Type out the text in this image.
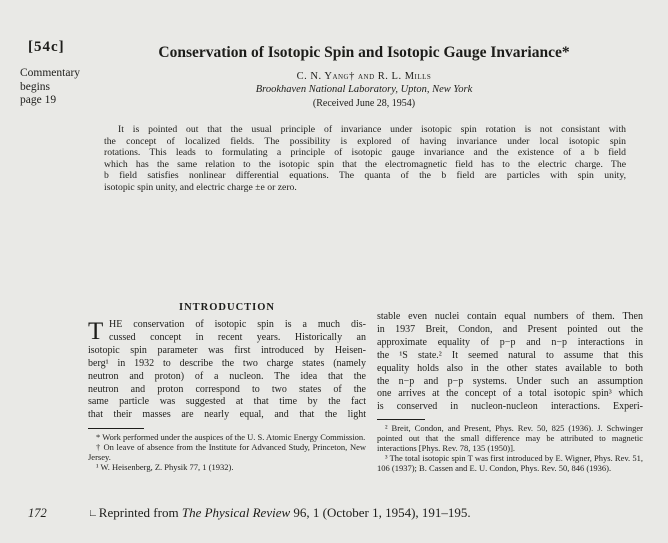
[54c]
Commentary
begins
page 19
Conservation of Isotopic Spin and Isotopic Gauge Invariance*
C. N. Yang† and R. L. Mills
Brookhaven National Laboratory, Upton, New York
(Received June 28, 1954)
It is pointed out that the usual principle of invariance under isotopic spin rotation is not consistant with
the concept of localized fields. The possibility is explored of having invariance under local isotopic spin
rotations. This leads to formulating a principle of isotopic gauge invariance and the existence of a b field
which has the same relation to the isotopic spin that the electromagnetic field has to the electric charge. The
b field satisfies nonlinear differential equations. The quanta of the b field are particles with spin unity,
isotopic spin unity, and electric charge ±e or zero.
INTRODUCTION
T HE conservation of isotopic spin is a much dis-
cussed concept in recent years. Historically an
isotopic spin parameter was first introduced by Heisen-
berg¹ in 1932 to describe the two charge states (namely
neutron and proton) of a nucleon. The idea that the
neutron and proton correspond to two states of the
same particle was suggested at that time by the fact
that their masses are nearly equal, and that the light
stable even nuclei contain equal numbers of them. Then
in 1937 Breit, Condon, and Present pointed out the
approximate equality of p−p and n−p interactions in
the ¹S state.² It seemed natural to assume that this
equality holds also in the other states available to both
the n−p and p−p systems. Under such an assumption
one arrives at the concept of a total isotopic spin³ which
is conserved in nucleon-nucleon interactions. Experi-

* Work performed under the auspices of the U. S. Atomic Energy Commission.

† On leave of absence from the Institute for Advanced Study, Princeton, New Jersey.

¹ W. Heisenberg, Z. Physik 77, 1 (1932).

² Breit, Condon, and Present, Phys. Rev. 50, 825 (1936). J. Schwinger pointed out that the small difference may be attributed to magnetic interactions [Phys. Rev. 78, 135 (1950)].

³ The total isotopic spin T was first introduced by E. Wigner, Phys. Rev. 51, 106 (1937); B. Cassen and E. U. Condon, Phys. Rev. 50, 846 (1936).

172	∟Reprinted from The Physical Review 96, 1 (October 1, 1954), 191–195.
